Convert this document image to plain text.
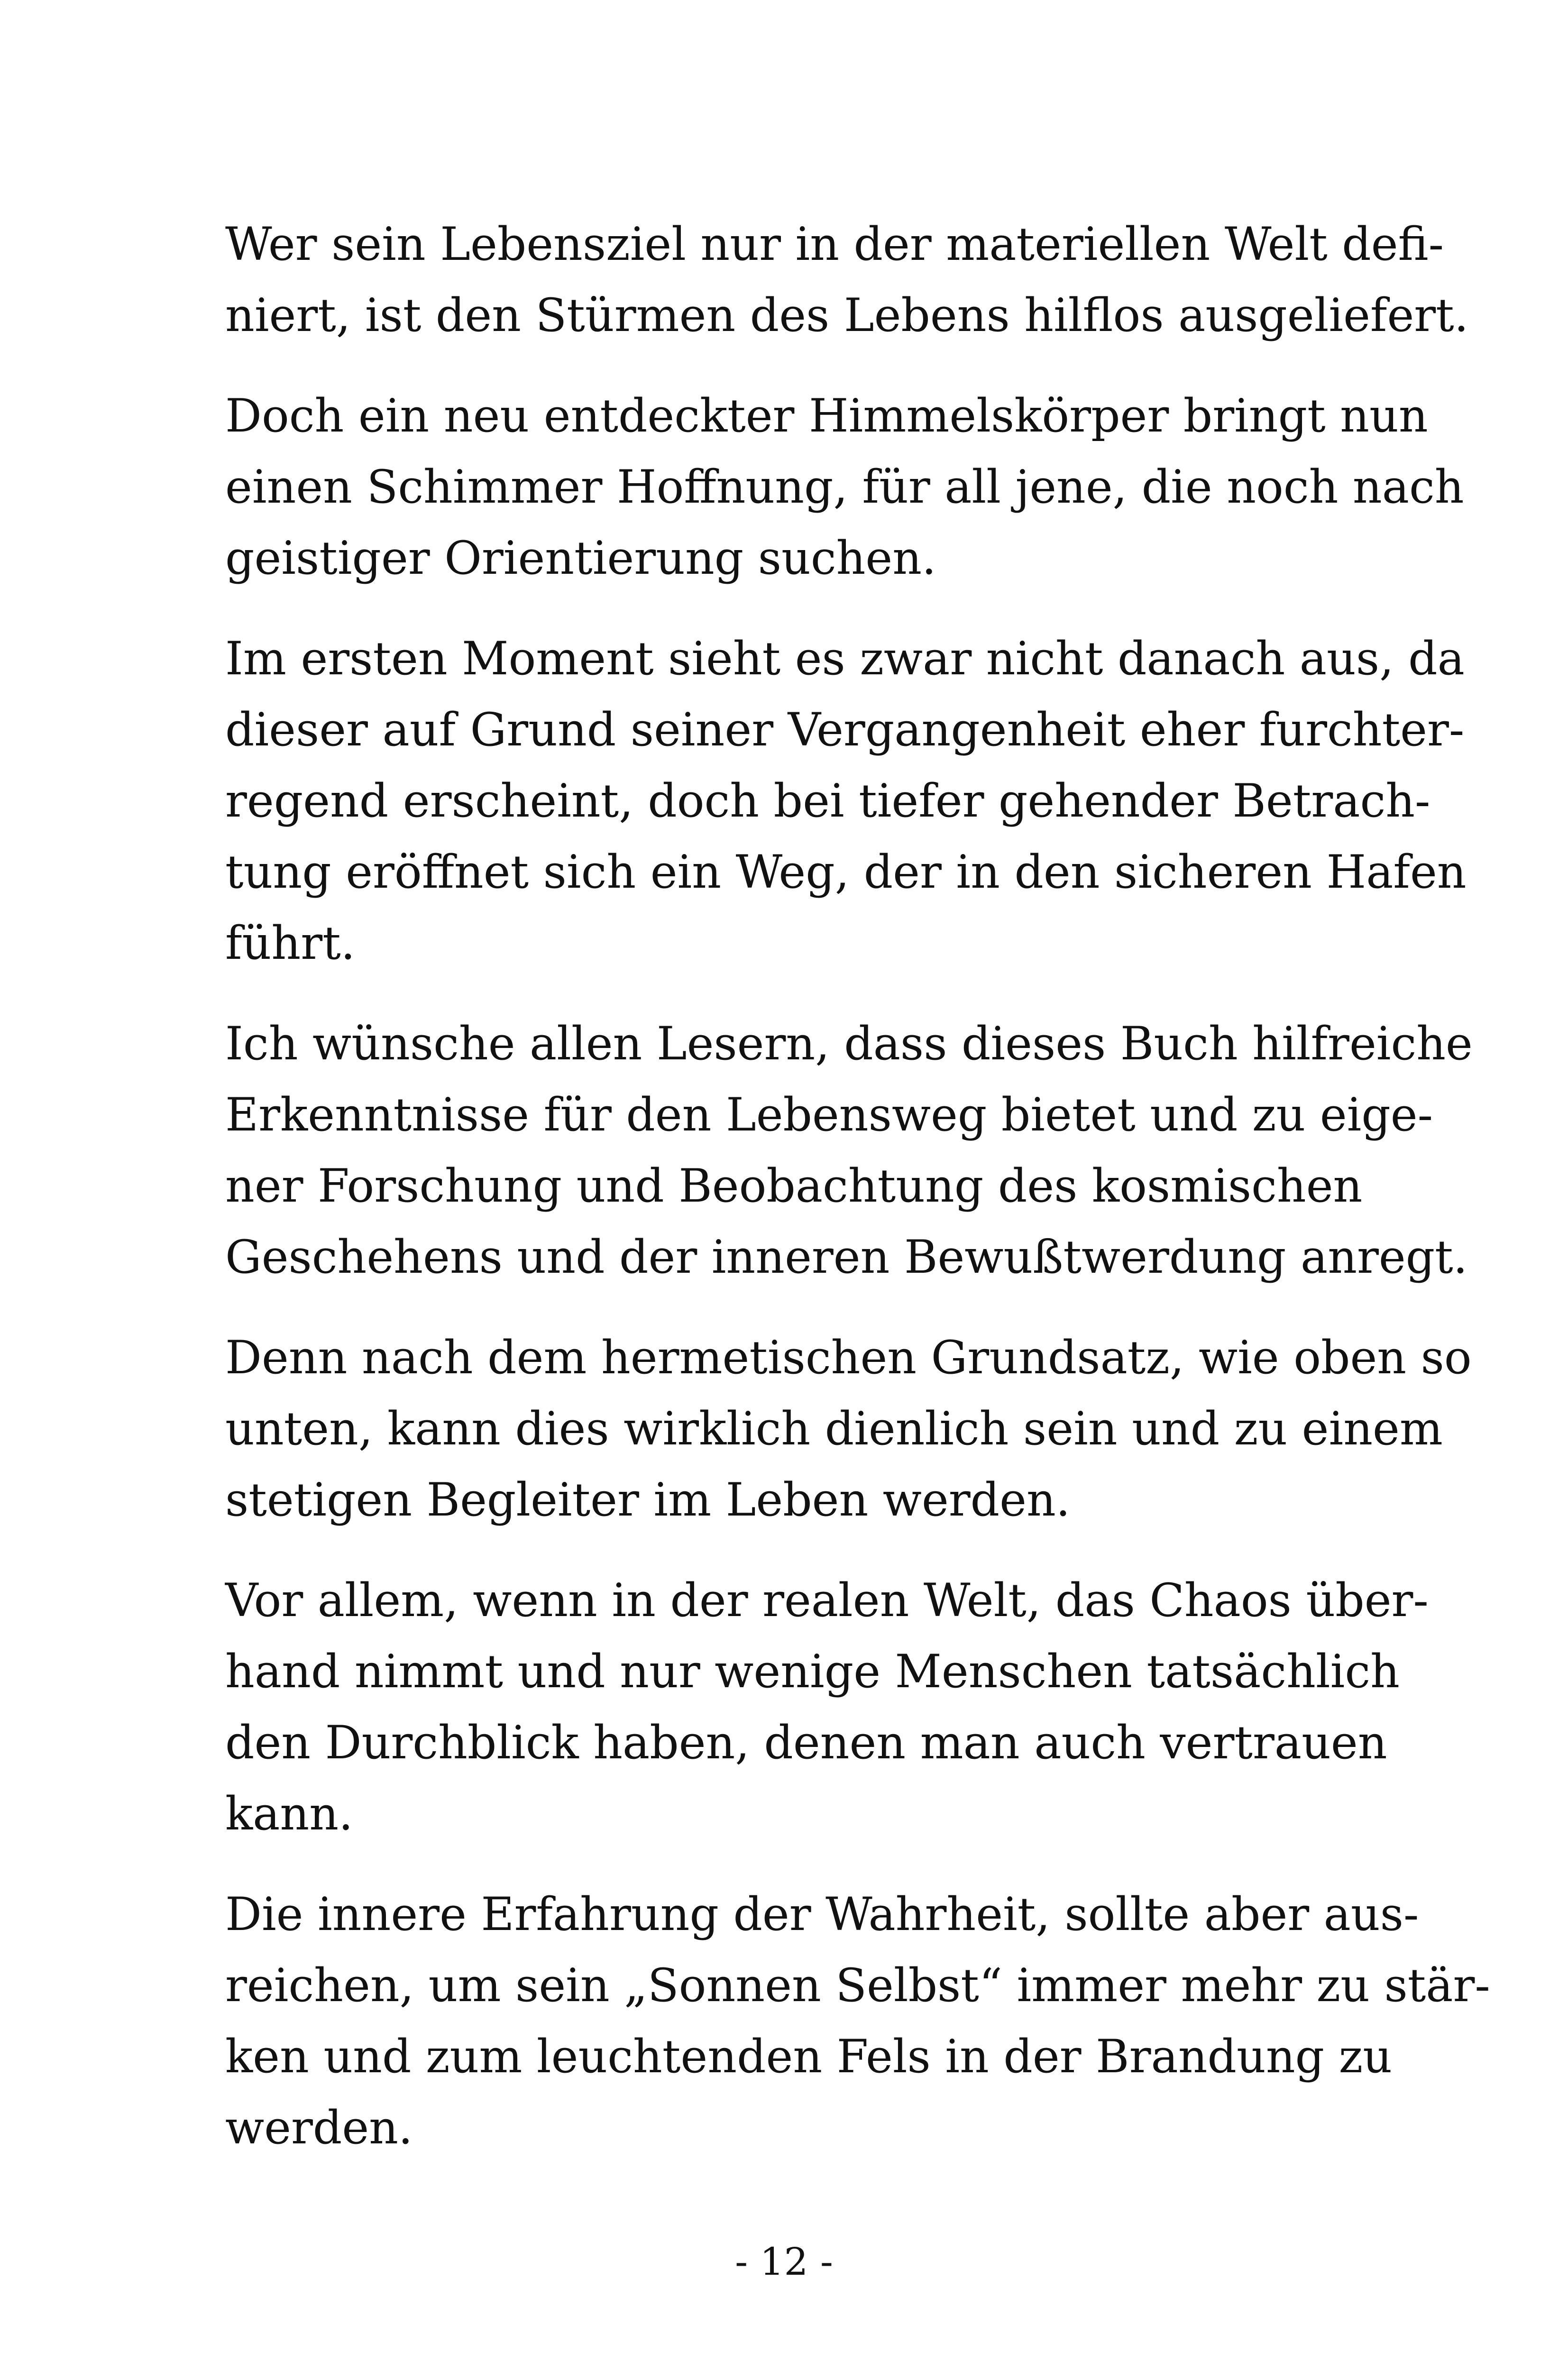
Wer sein Lebensziel nur in der materiellen Welt defi-
niert, ist den Stürmen des Lebens hilflos ausgeliefert.

Doch ein neu entdeckter Himmelskörper bringt nun
einen Schimmer Hoffnung, für all jene, die noch nach
geistiger Orientierung suchen.

Im ersten Moment sieht es zwar nicht danach aus, da
dieser auf Grund seiner Vergangenheit eher furchter-
regend erscheint, doch bei tiefer gehender Betrach-
tung eröffnet sich ein Weg, der in den sicheren Hafen
führt.

Ich wünsche allen Lesern, dass dieses Buch hilfreiche
Erkenntnisse für den Lebensweg bietet und zu eige-
ner Forschung und Beobachtung des kosmischen
Geschehens und der inneren Bewußtwerdung anregt.

Denn nach dem hermetischen Grundsatz, wie oben so
unten, kann dies wirklich dienlich sein und zu einem
stetigen Begleiter im Leben werden.

Vor allem, wenn in der realen Welt, das Chaos über-
hand nimmt und nur wenige Menschen tatsächlich
den Durchblick haben, denen man auch vertrauen
kann.

Die innere Erfahrung der Wahrheit, sollte aber aus-
reichen, um sein „Sonnen Selbst“ immer mehr zu stär-
ken und zum leuchtenden Fels in der Brandung zu
werden.

- 12 -
